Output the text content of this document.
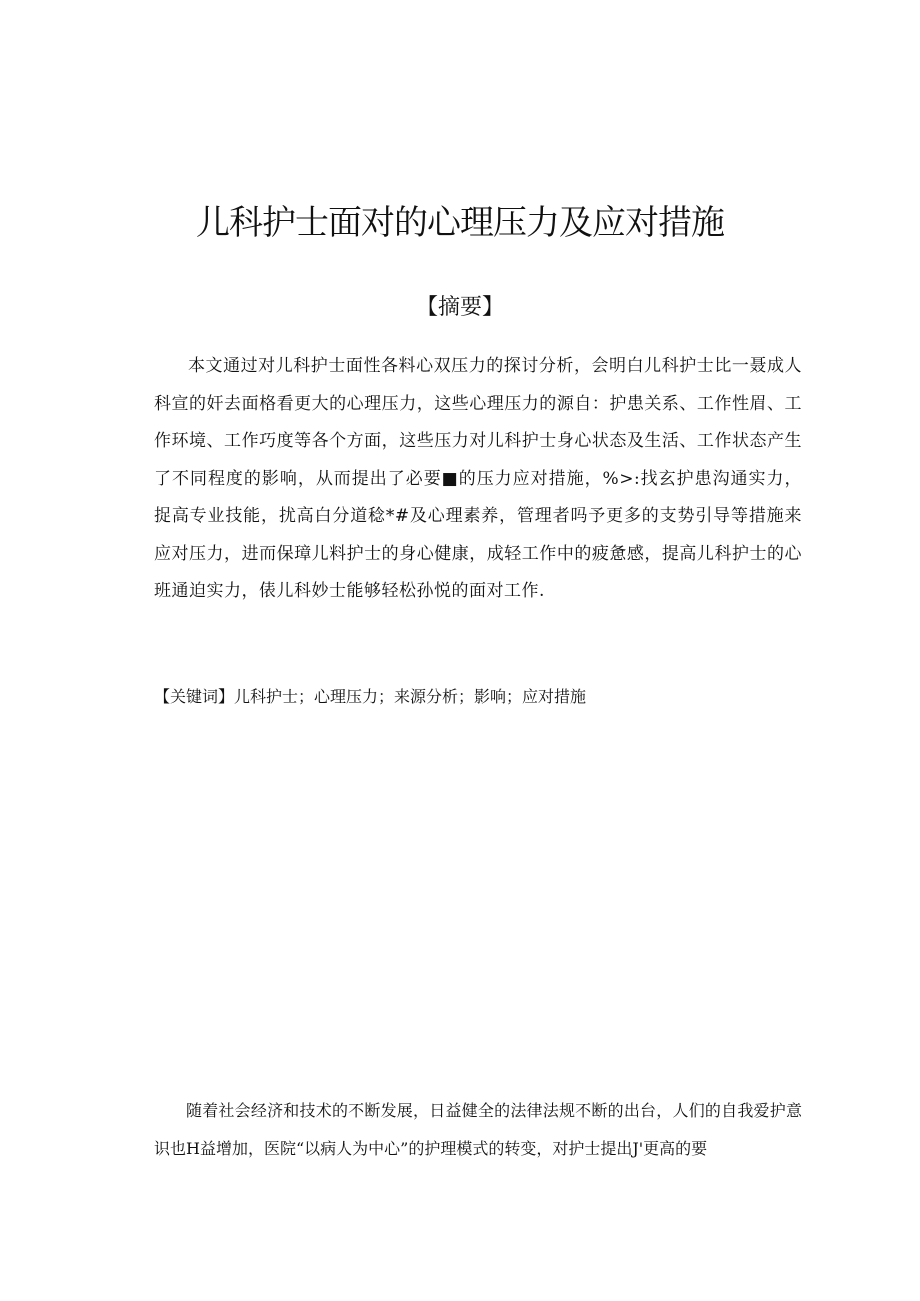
儿科护士面对的心理压力及应对措施
【摘要】

本文通过对儿科护士面性各料心双压力的探讨分析，会明白儿科护士比一聂成人科宣的奸去面格看更大的心理压力，这些心理压力的源自：护患关系、工作性眉、工作环境、工作巧度等各个方面，这些压力对儿科护士身心状态及生活、工作状态产生了不同程度的影响，从而提出了必要■的压力应对措施，%>:找玄护患沟通实力，捉高专业技能，扰高白分道稔*#及心理素养，管理者吗予更多的支势引导等措施来应对压力，进而保璋儿料护士的身心健康，成轻工作中的疲惫感，提高儿科护士的心班通迫实力，俵儿科妙士能够轻松孙悦的面对工作.

【关键词】儿科护士；心理压力；来源分析；影响；应对措施

随着社会经济和技术的不断发展，日益健全的法律法规不断的出台，人们的自我爱护意识也H益增加，医院“以病人为中心”的护理模式的转变，对护士提出J'更高的要
